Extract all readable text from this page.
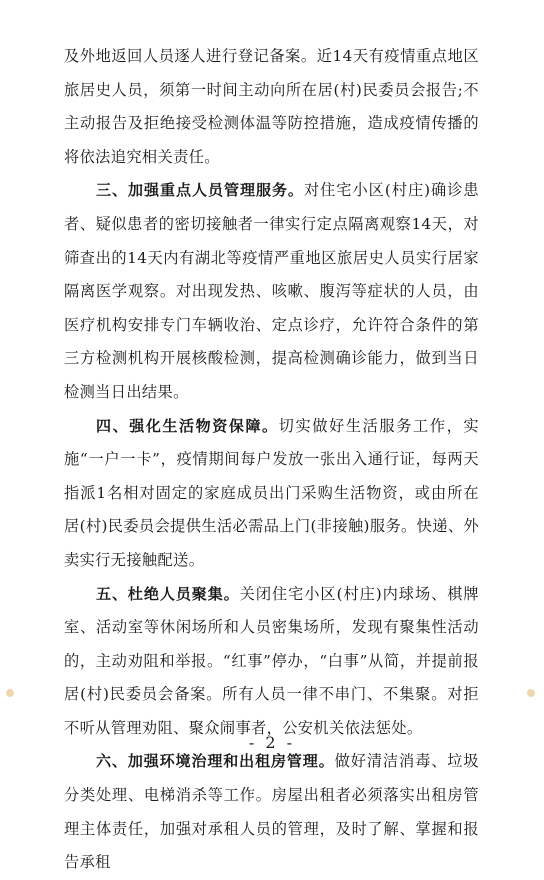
及外地返回人员逐人进行登记备案。近14天有疫情重点地区旅居史人员，须第一时间主动向所在居(村)民委员会报告;不主动报告及拒绝接受检测体温等防控措施，造成疫情传播的将依法追究相关责任。

三、加强重点人员管理服务。对住宅小区(村庄)确诊患者、疑似患者的密切接触者一律实行定点隔离观察14天，对筛查出的14天内有湖北等疫情严重地区旅居史人员实行居家隔离医学观察。对出现发热、咳嗽、腹泻等症状的人员，由医疗机构安排专门车辆收治、定点诊疗，允许符合条件的第三方检测机构开展核酸检测，提高检测确诊能力，做到当日检测当日出结果。

四、强化生活物资保障。切实做好生活服务工作，实施“一户一卡”，疫情期间每户发放一张出入通行证，每两天指派1名相对固定的家庭成员出门采购生活物资，或由所在居(村)民委员会提供生活必需品上门(非接触)服务。快递、外卖实行无接触配送。

五、杜绝人员聚集。关闭住宅小区(村庄)内球场、棋牌室、活动室等休闲场所和人员密集场所，发现有聚集性活动的，主动劝阻和举报。“红事”停办，“白事”从简，并提前报居(村)民委员会备案。所有人员一律不串门、不集聚。对拒不听从管理劝阻、聚众闹事者，公安机关依法惩处。

六、加强环境治理和出租房管理。做好清洁消毒、垃圾分类处理、电梯消杀等工作。房屋出租者必须落实出租房管理主体责任，加强对承租人员的管理，及时了解、掌握和报告承租

- 2 -
